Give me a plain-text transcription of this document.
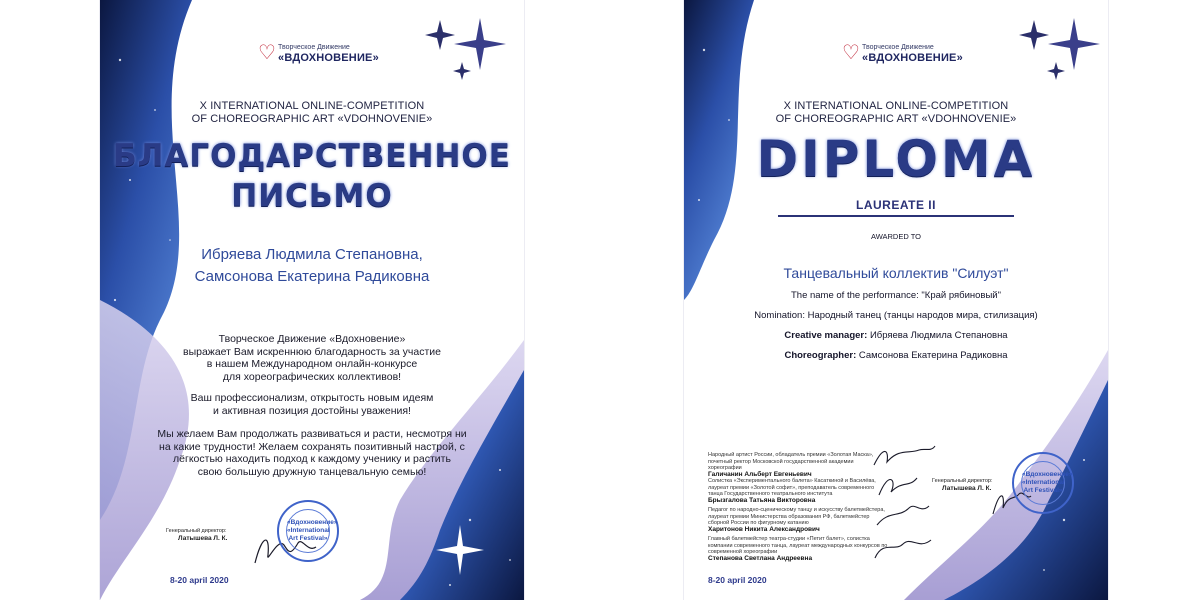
♡ Творческое Движение
«ВДОХНОВЕНИЕ»
X INTERNATIONAL ONLINE-COMPETITION
OF CHOREOGRAPHIC ART «VDOHNOVENIE»
БЛАГОДАРСТВЕННОЕ
ПИСЬМО
Ибряева Людмила Степановна,
Самсонова Екатерина Радиковна
Творческое Движение «Вдохновение»
выражает Вам искреннюю благодарность за участие
в нашем Международном онлайн-конкурсе
для хореографических коллективов!
Ваш профессионализм, открытость новым идеям
и активная позиция достойны уважения!
Мы желаем Вам продолжать развиваться и расти, несмотря ни
на какие трудности! Желаем сохранять позитивный настрой, с
лёгкостью находить подход к каждому ученику и растить
свою большую дружную танцевальную семью!
Генеральный директор:
Латышева Л. К.
«Вдохновение»
«International
Art Festival»
8-20 april 2020
♡ Творческое Движение
«ВДОХНОВЕНИЕ»
X INTERNATIONAL ONLINE-COMPETITION
OF CHOREOGRAPHIC ART «VDOHNOVENIE»
DIPLOMA
LAUREATE II
AWARDED TO
Танцевальный коллектив "Силуэт"
The name of the performance: "Край рябиновый"
Nomination: Народный танец (танцы народов мира, стилизация)
Creative manager: Ибряева Людмила Степановна
Choreographer: Самсонова Екатерина Радиковна
Народный артист России, обладатель премии «Золотая Маска», почетный ректор Московской государственной академии хореографии
Галичанин Альберт Евгеньевич
Солистка «Экспериментального балета» Касаткиной и Василёва, лауреат премии «Золотой софит», преподаватель современного танца Государственного театрального института
Брызгалова Татьяна Викторовна
Педагог по народно-сценическому танцу и искусству балетмейстера, лауреат премии Министерства образования РФ, балетмейстер сборной России по фигурному катанию
Харитонов Никита Александрович
Главный балетмейстер театра-студии «Петит балет», солистка компании современного танца, лауреат международных конкурсов по современной хореографии
Степанова Светлана Андреевна
Генеральный директор:
Латышева Л. К.
«Вдохновение»
«International
Art Festival»
8-20 april 2020
